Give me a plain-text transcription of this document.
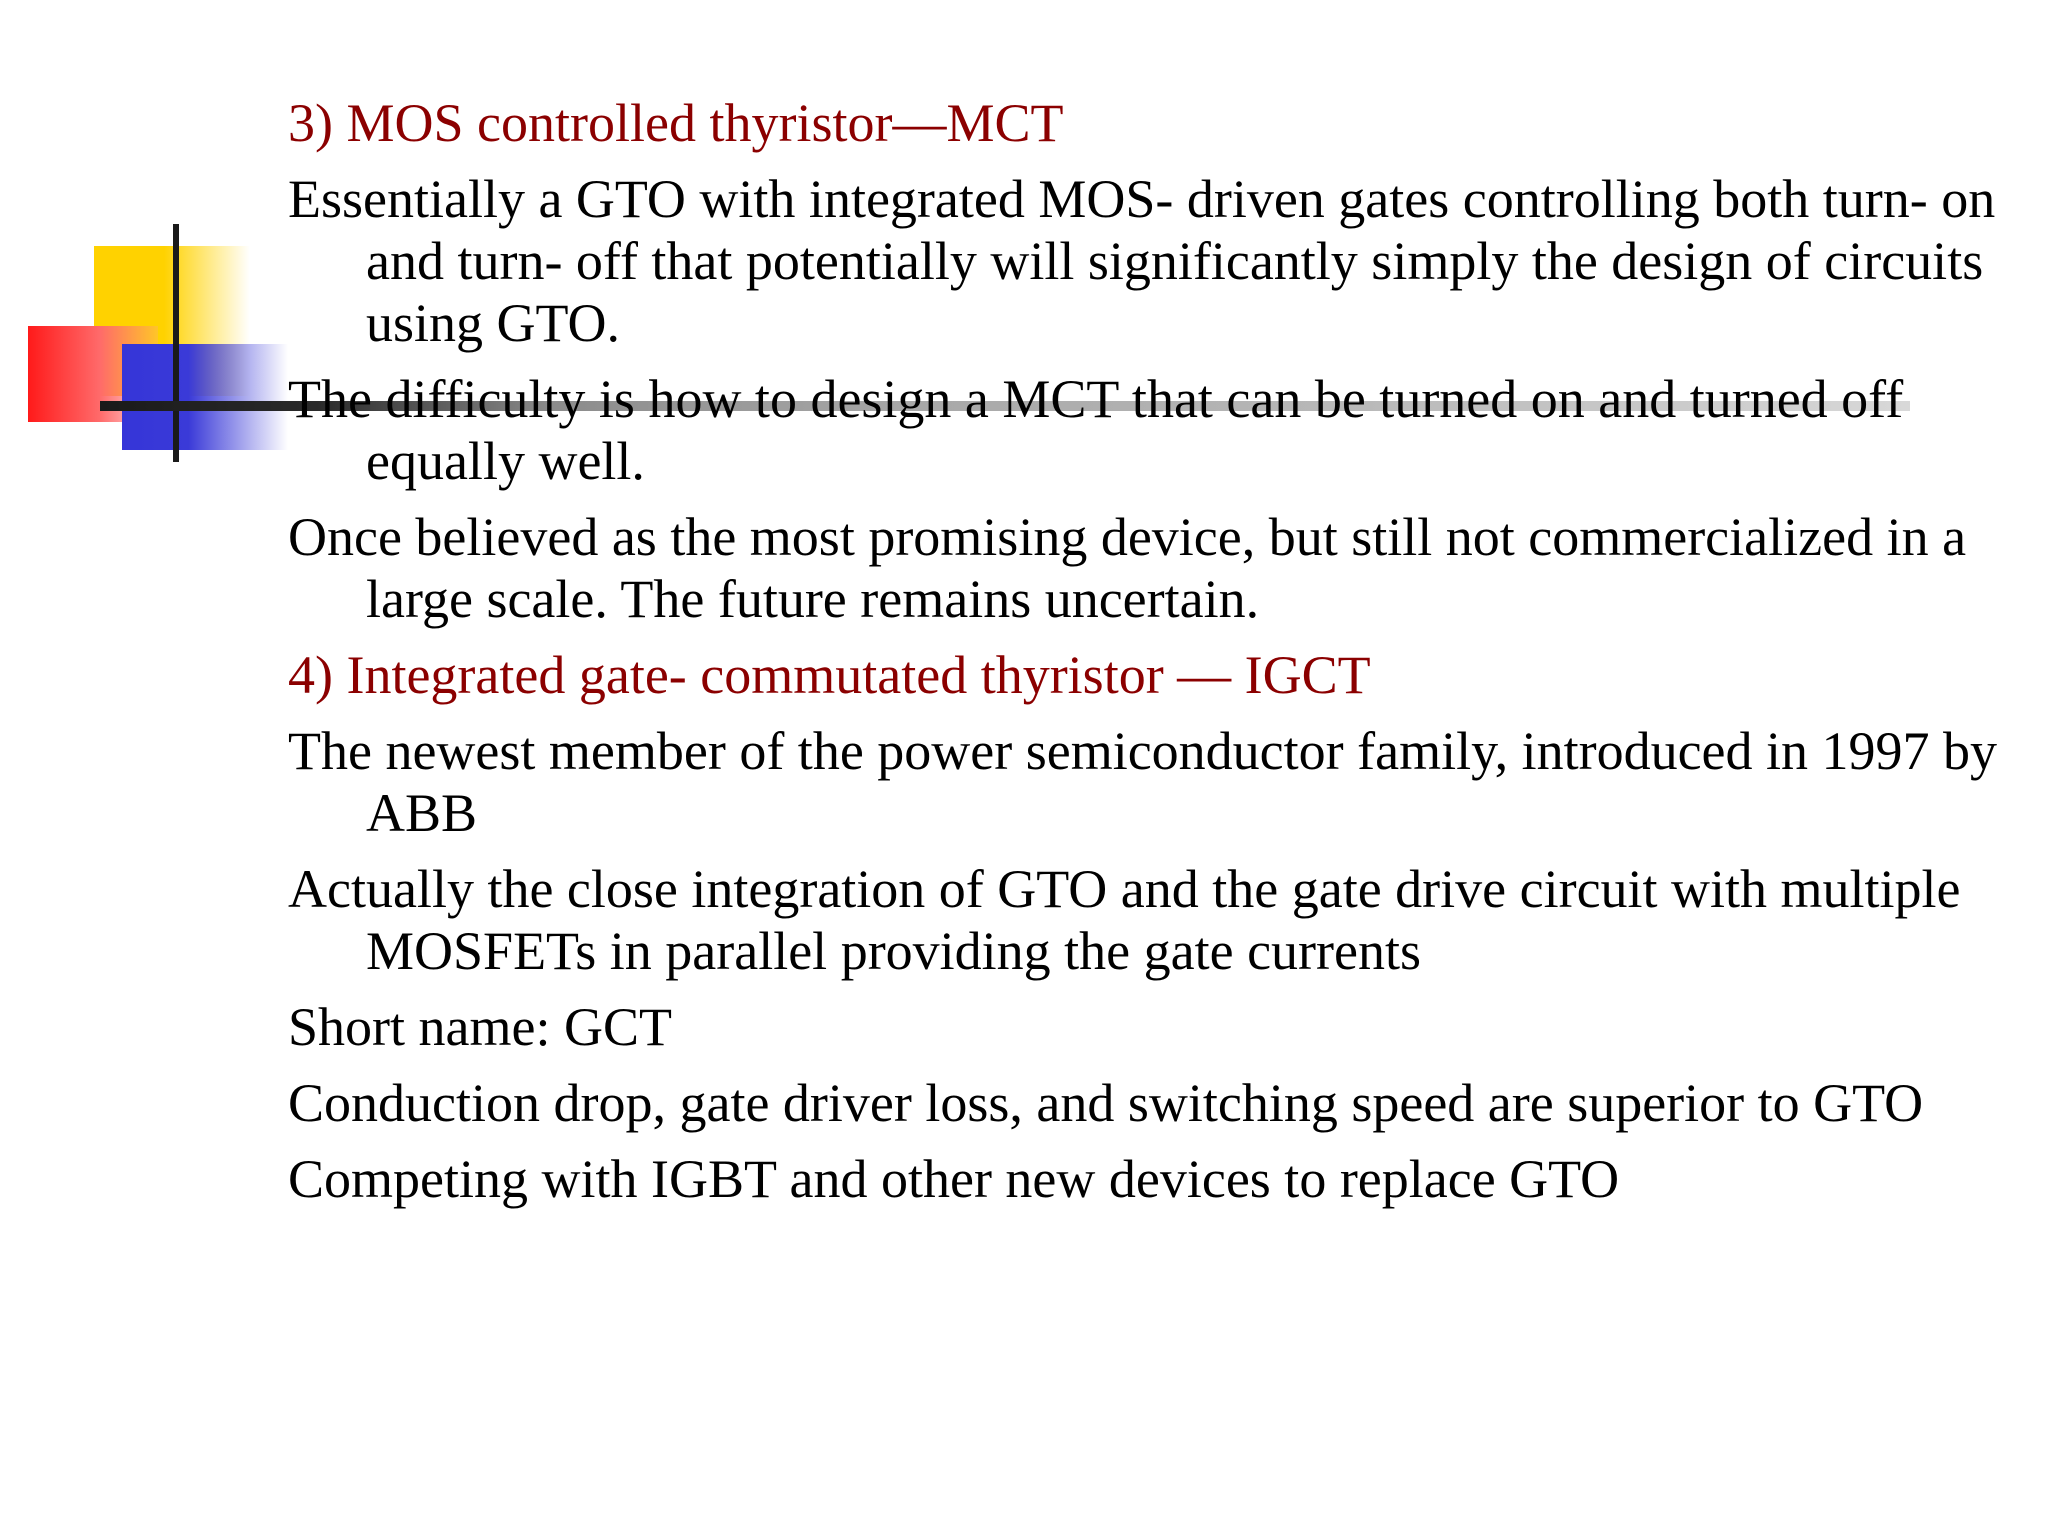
3) MOS controlled thyristor—MCT

Essentially a GTO with integrated MOS- driven gates controlling both turn- on and turn- off that potentially will significantly simply the design of circuits using GTO.

The difficulty is how to design a MCT that can be turned on and turned off equally well.

Once believed as the most promising device, but still not commercialized in a large scale. The future remains uncertain.

4) Integrated gate- commutated thyristor — IGCT

The newest member of the power semiconductor family, introduced in 1997 by ABB

Actually the close integration of GTO and the gate drive circuit with multiple MOSFETs in parallel providing the gate currents

Short name: GCT

Conduction drop, gate driver loss, and switching speed are superior to GTO

Competing with IGBT and other new devices to replace GTO
